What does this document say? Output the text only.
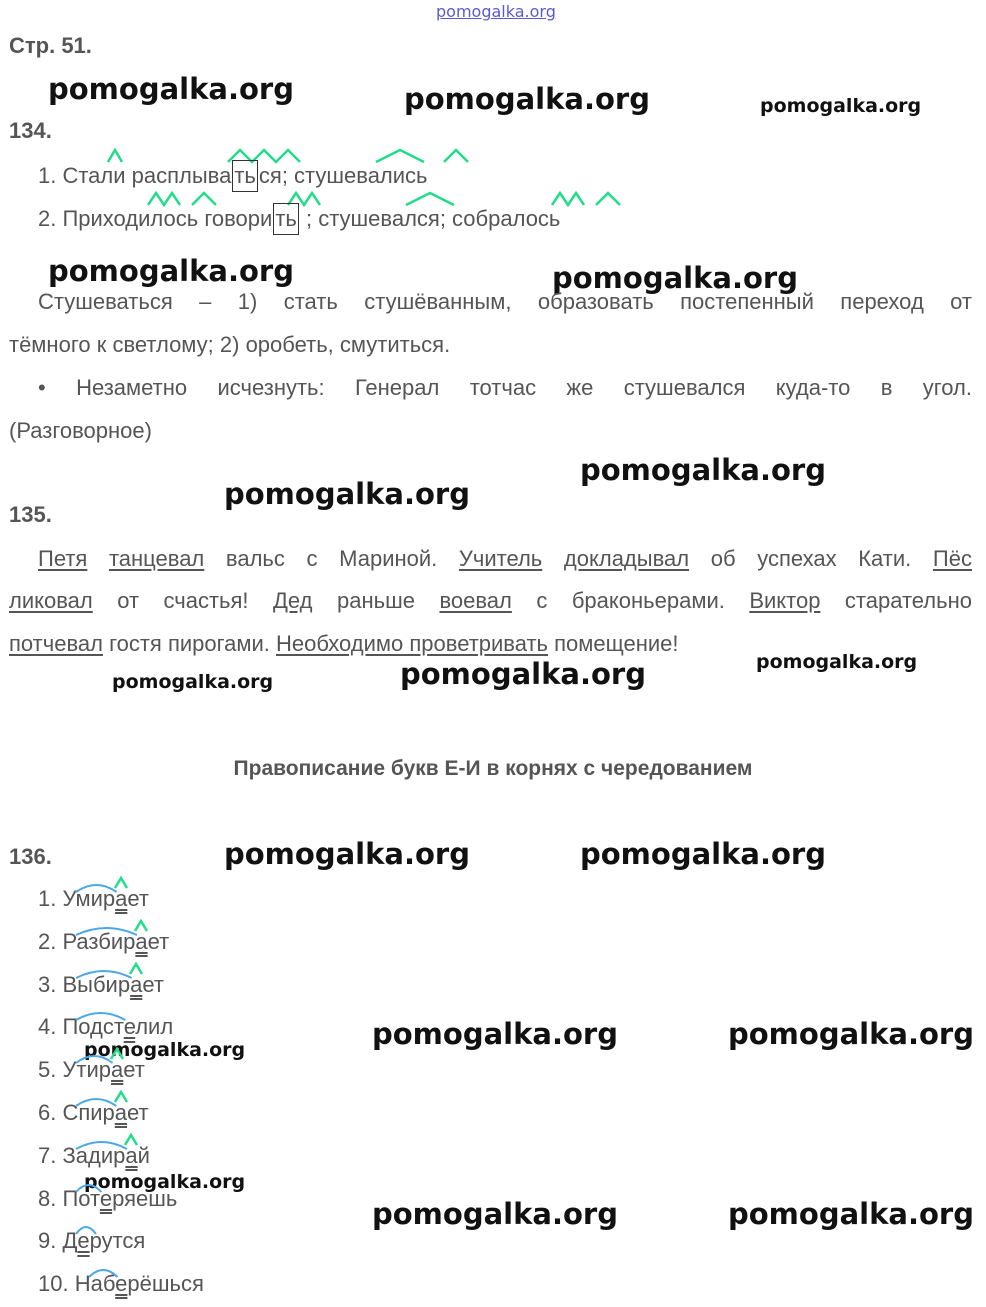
pomogalka.org
pomogalka.org	pomogalka.org	pomogalka.org
pomogalka.org	pomogalka.org
pomogalka.org
pomogalka.org
pomogalka.org
pomogalka.org
pomogalka.org
pomogalka.org	pomogalka.org
pomogalka.org	pomogalka.org
pomogalka.org
pomogalka.org
pomogalka.org	pomogalka.org
Стр. 51.
134.
1. Стали расплыва ть ся; стушевались
2. Приходилось говори ть ; стушевался; собралось
Стушеваться – 1) стать стушёванным, образовать постепенный переход от
тёмного к светлому; 2) оробеть, смутиться.
• Незаметно исчезнуть: Генерал тотчас же стушевался куда-то в угол.
(Разговорное)
135.
Петя танцевал вальс с Мариной. Учитель докладывал об успехах Кати. Пёс
ликовал от счастья! Дед раньше воевал с браконьерами. Виктор старательно
потчевал гостя пирогами. Необходимо проветривать помещение!
Правописание букв Е-И в корнях с чередованием
136.
1. Умирает
2. Разбирает
3. Выбирает
4. Подстелил
5. Утирает
6. Спирает
7. Задирай
8. Потеряешь
9. Дерутся
10. Наберёшься
